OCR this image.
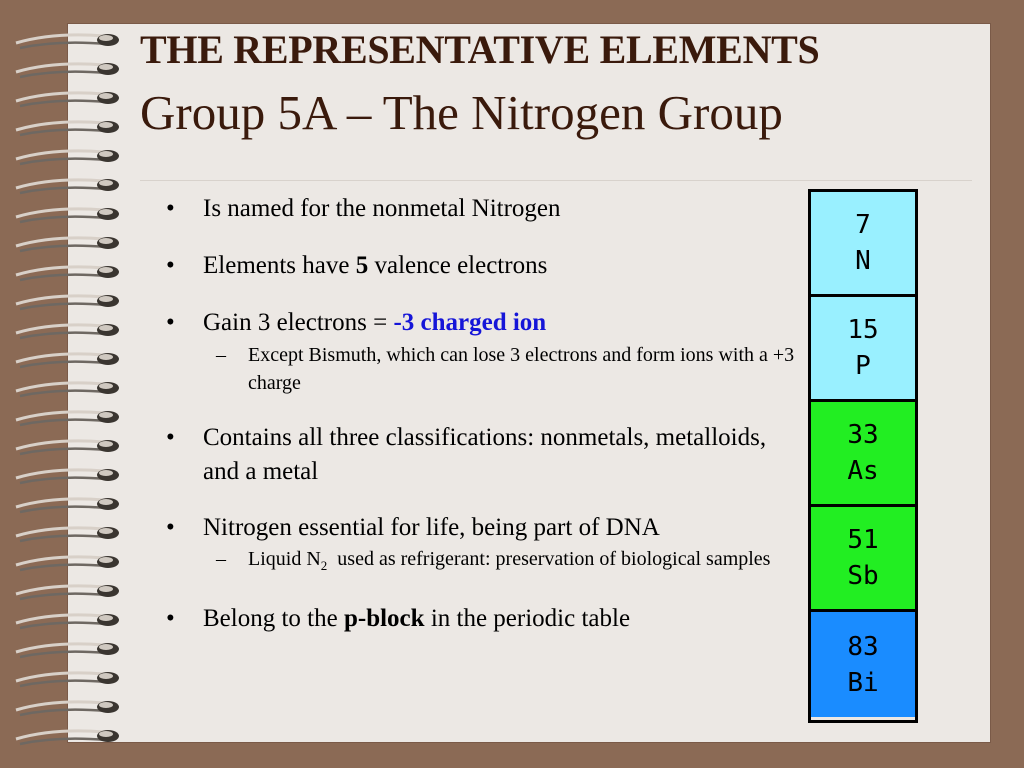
THE REPRESENTATIVE ELEMENTS
Group 5A – The Nitrogen Group
• Is named for the nonmetal Nitrogen
• Elements have 5 valence electrons
• Gain 3 electrons = -3 charged ion
– Except Bismuth, which can lose 3 electrons and form ions with a +3 charge
• Contains all three classifications: nonmetals, metalloids, and a metal
• Nitrogen essential for life, being part of DNA
– Liquid $N_2$  used as refrigerant: preservation of biological samples
• Belong to the p-block in the periodic table
7
N
15
P
33
As
51
Sb
83
Bi
